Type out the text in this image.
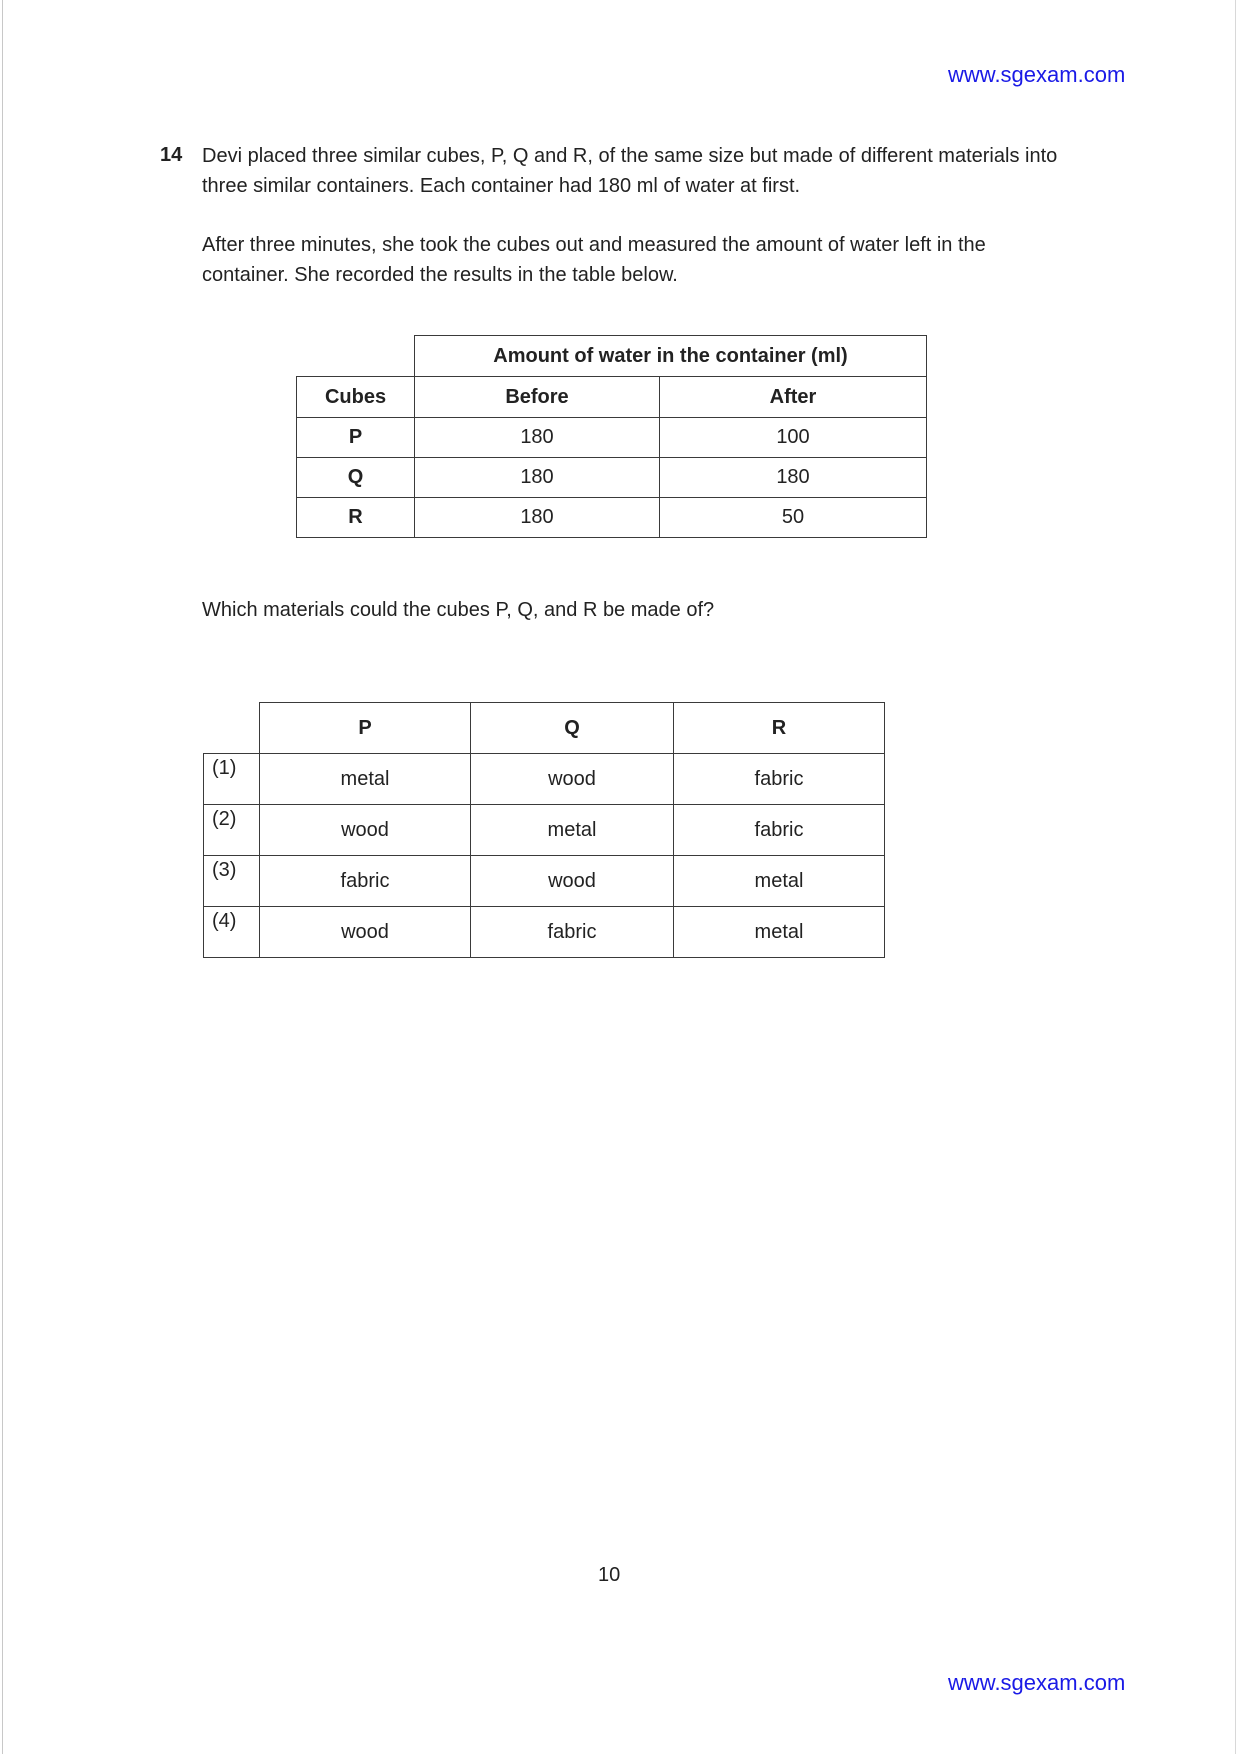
www.sgexam.com
14 Devi placed three similar cubes, P, Q and R, of the same size but made of different materials into three similar containers. Each container had 180 ml of water at first.

After three minutes, she took the cubes out and measured the amount of water left in the container. She recorded the results in the table below.

	Amount of water in the container (ml)	
Cubes	Before	After
P	180	100
Q	180	180
R	180	50

Which materials could the cubes P, Q, and R be made of?

	P	Q	R
(1)	metal	wood	fabric
(2)	wood	metal	fabric
(3)	fabric	wood	metal
(4)	wood	fabric	metal
10
www.sgexam.com
